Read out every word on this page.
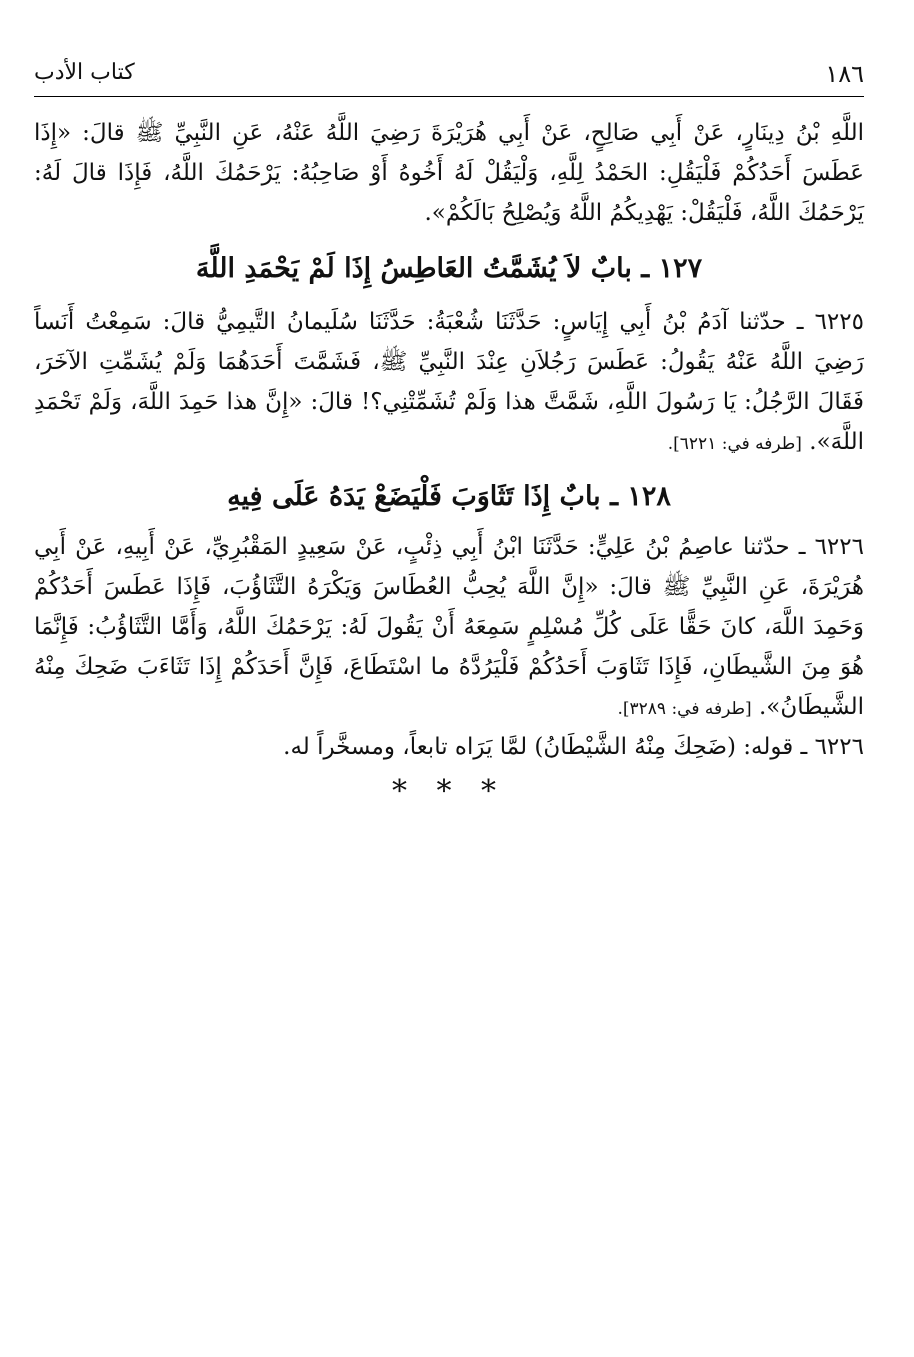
١٨٦
كتاب الأدب
اللَّهِ بْنُ دِينَارٍ، عَنْ أَبِي صَالِحٍ، عَنْ أَبِي هُرَيْرَةَ رَضِيَ اللَّهُ عَنْهُ، عَنِ النَّبِيِّ ﷺ قالَ: «إِذَا عَطَسَ أَحَدُكُمْ فَلْيَقُلِ: الحَمْدُ لِلَّهِ، وَلْيَقُلْ لَهُ أَخُوهُ أَوْ صَاحِبُهُ: يَرْحَمُكَ اللَّهُ، فَإِذَا قالَ لَهُ: يَرْحَمُكَ اللَّهُ، فَلْيَقُلْ: يَهْدِيكُمُ اللَّهُ وَيُصْلِحُ بَالَكُمْ».
١٢٧ ـ بابٌ لاَ يُشَمَّتُ العَاطِسُ إِذَا لَمْ يَحْمَدِ اللَّهَ
٦٢٢٥ ـ حدّثنا آدَمُ بْنُ أَبِي إِيَاسٍ: حَدَّثَنَا شُعْبَةُ: حَدَّثَنَا سُلَيمانُ التَّيمِيُّ قالَ: سَمِعْتُ أَنَساً رَضِيَ اللَّهُ عَنْهُ يَقُولُ: عَطَسَ رَجُلاَنِ عِنْدَ النَّبِيِّ ﷺ، فَشَمَّتَ أَحَدَهُمَا وَلَمْ يُشَمِّتِ الآخَرَ، فَقَالَ الرَّجُلُ: يَا رَسُولَ اللَّهِ، شَمَّتَّ هذا وَلَمْ تُشَمِّتْنِي؟! قالَ: «إِنَّ هذا حَمِدَ اللَّهَ، وَلَمْ تَحْمَدِ اللَّهَ». [طرفه في: ٦٢٢١].
١٢٨ ـ بابٌ إِذَا تَثَاوَبَ فَلْيَضَعْ يَدَهُ عَلَى فِيهِ
٦٢٢٦ ـ حدّثنا عاصِمُ بْنُ عَلِيٍّ: حَدَّثَنَا ابْنُ أَبِي ذِئْبٍ، عَنْ سَعِيدٍ المَقْبُرِيِّ، عَنْ أَبِيهِ، عَنْ أَبِي هُرَيْرَةَ، عَنِ النَّبِيِّ ﷺ قالَ: «إِنَّ اللَّهَ يُحِبُّ العُطَاسَ وَيَكْرَهُ التَّثَاؤُبَ، فَإِذَا عَطَسَ أَحَدُكُمْ وَحَمِدَ اللَّهَ، كانَ حَقًّا عَلَى كُلِّ مُسْلِمٍ سَمِعَهُ أَنْ يَقُولَ لَهُ: يَرْحَمُكَ اللَّهُ، وَأَمَّا التَّثَاؤُبُ: فَإِنَّمَا هُوَ مِنَ الشَّيطَانِ، فَإِذَا تَثَاوَبَ أَحَدُكُمْ فَلْيَرُدَّهُ ما اسْتَطَاعَ، فَإِنَّ أَحَدَكُمْ إِذَا تَثَاءَبَ ضَحِكَ مِنْهُ الشَّيطَانُ». [طرفه في: ٣٢٨٩].
٦٢٢٦ ـ قوله: (ضَحِكَ مِنْهُ الشَّيْطَانُ) لمَّا يَرَاه تابعاً، ومسخَّراً له.
* * *
